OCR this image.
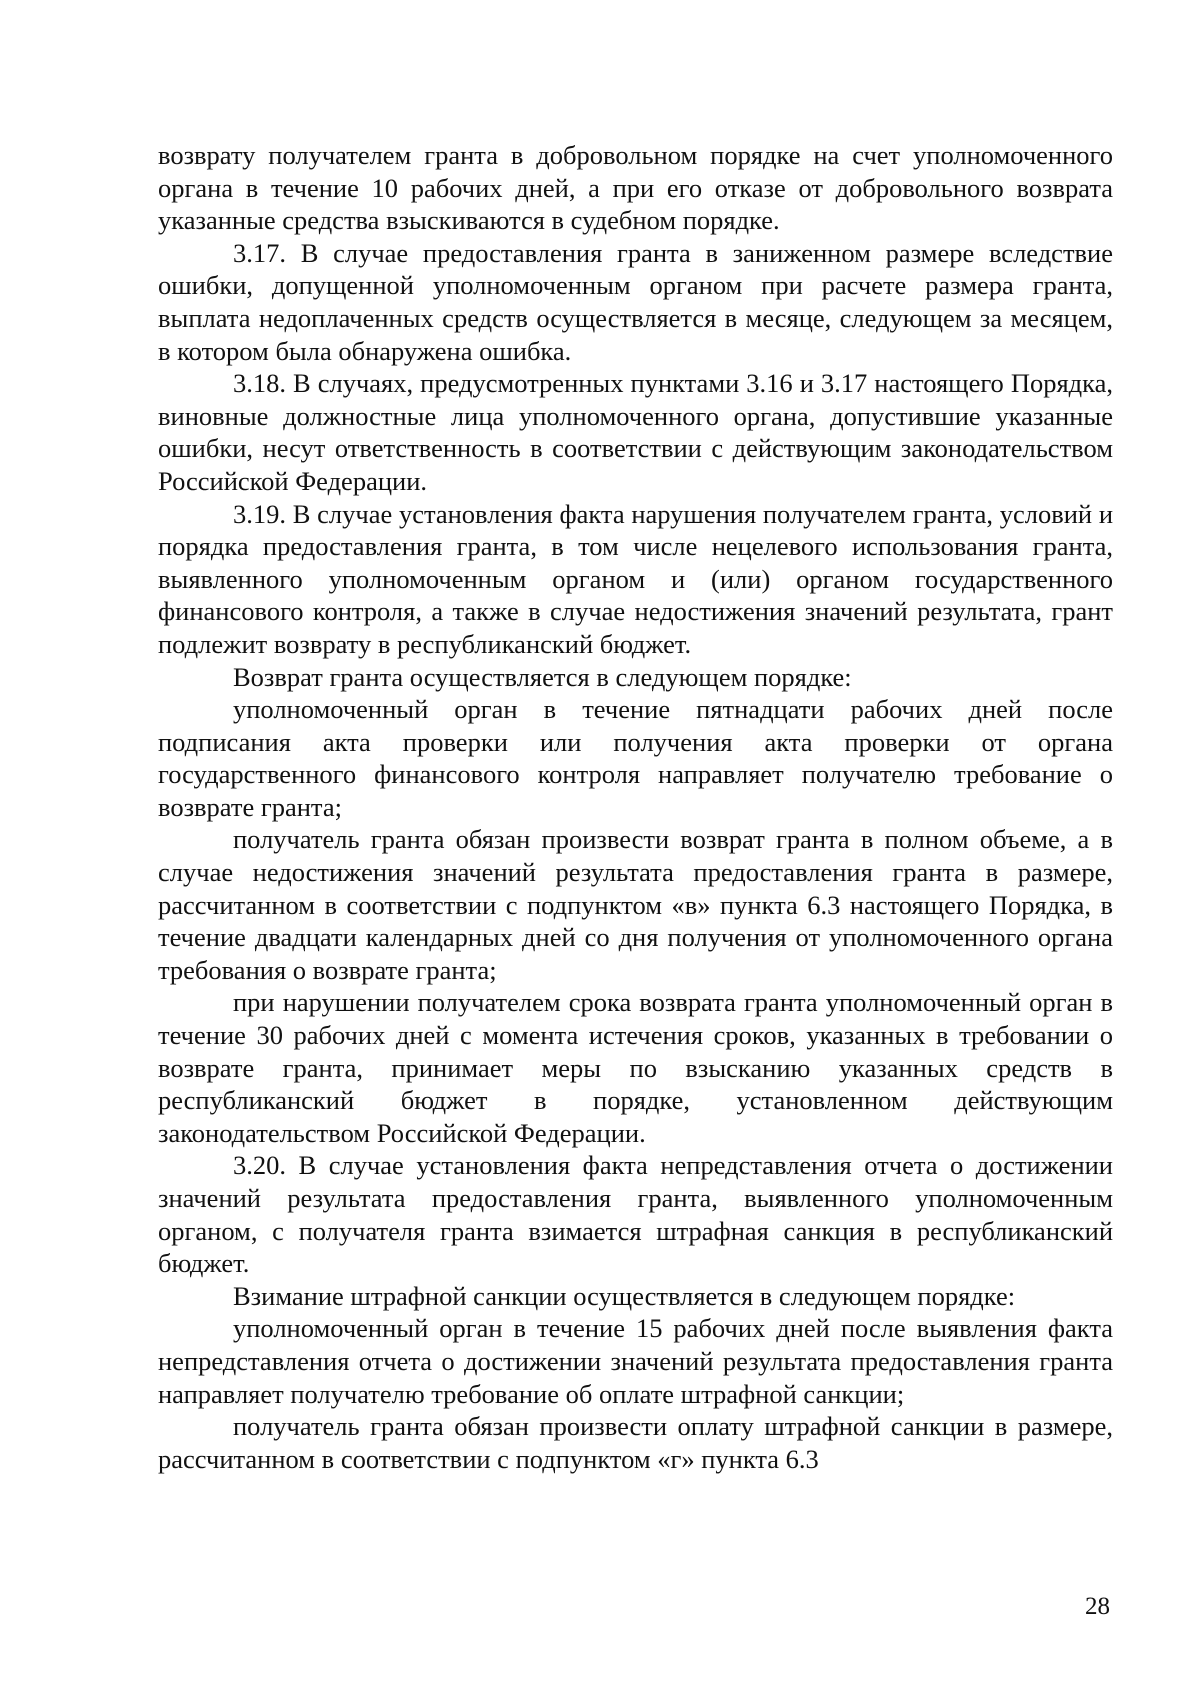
возврату получателем гранта в добровольном порядке на счет уполномоченного органа в течение 10 рабочих дней, а при его отказе от добровольного возврата указанные средства взыскиваются в судебном порядке.

3.17. В случае предоставления гранта в заниженном размере вследствие ошибки, допущенной уполномоченным органом при расчете размера гранта, выплата недоплаченных средств осуществляется в месяце, следующем за месяцем, в котором была обнаружена ошибка.

3.18. В случаях, предусмотренных пунктами 3.16 и 3.17 настоящего Порядка, виновные должностные лица уполномоченного органа, допустившие указанные ошибки, несут ответственность в соответствии с действующим законодательством Российской Федерации.

3.19. В случае установления факта нарушения получателем гранта, условий и порядка предоставления гранта, в том числе нецелевого использования гранта, выявленного уполномоченным органом и (или) органом государственного финансового контроля, а также в случае недостижения значений результата, грант подлежит возврату в республиканский бюджет.

Возврат гранта осуществляется в следующем порядке:

уполномоченный орган в течение пятнадцати рабочих дней после подписания акта проверки или получения акта проверки от органа государственного финансового контроля направляет получателю требование о возврате гранта;

получатель гранта обязан произвести возврат гранта в полном объеме, а в случае недостижения значений результата предоставления гранта в размере, рассчитанном в соответствии с подпунктом «в» пункта 6.3 настоящего Порядка, в течение двадцати календарных дней со дня получения от уполномоченного органа требования о возврате гранта;

при нарушении получателем срока возврата гранта уполномоченный орган в течение 30 рабочих дней с момента истечения сроков, указанных в требовании о возврате гранта, принимает меры по взысканию указанных средств в республиканский бюджет в порядке, установленном действующим законодательством Российской Федерации.

3.20. В случае установления факта непредставления отчета о достижении значений результата предоставления гранта, выявленного уполномоченным органом, с получателя гранта взимается штрафная санкция в республиканский бюджет.

Взимание штрафной санкции осуществляется в следующем порядке:

уполномоченный орган в течение 15 рабочих дней после выявления факта непредставления отчета о достижении значений результата предоставления гранта направляет получателю требование об оплате штрафной санкции;

получатель гранта обязан произвести оплату штрафной санкции в размере, рассчитанном в соответствии с подпунктом «г» пункта 6.3

28
